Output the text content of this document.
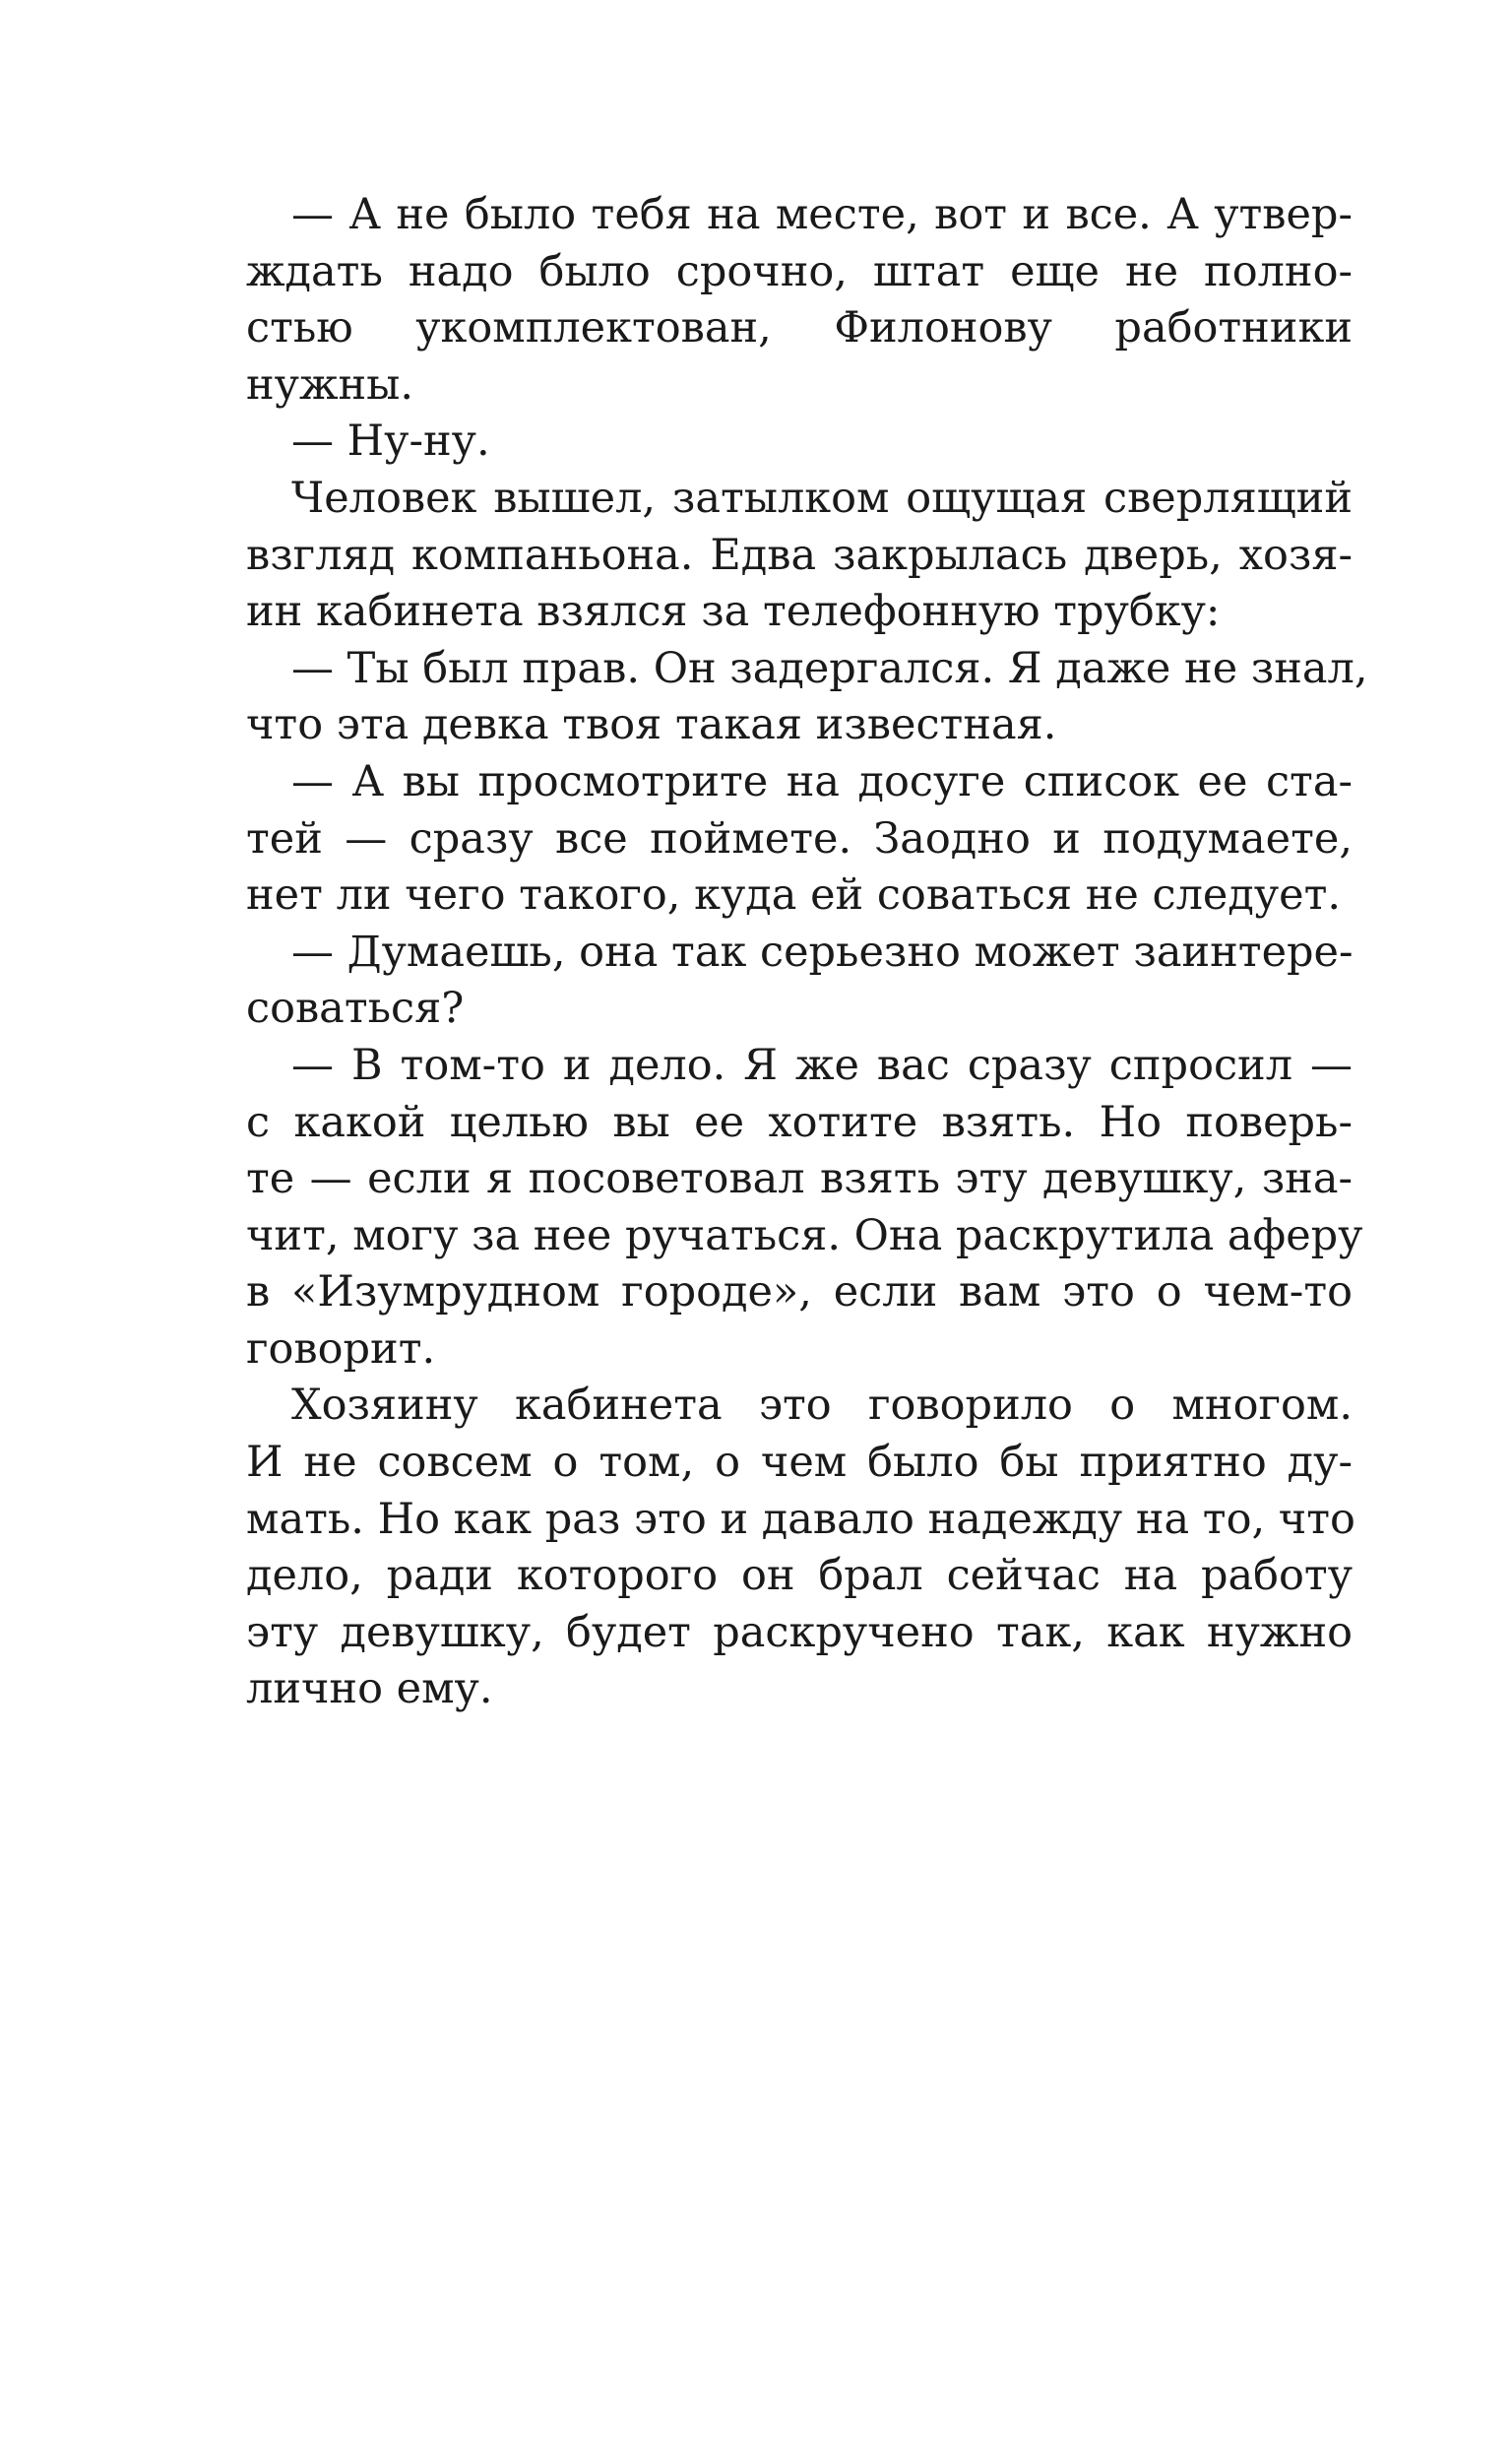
— А не было тебя на месте, вот и все. А утвер-
ждать надо было срочно, штат еще не полно-
стью укомплектован, Филонову работники
нужны.
— Ну-ну.
Человек вышел, затылком ощущая сверлящий
взгляд компаньона. Едва закрылась дверь, хозя-
ин кабинета взялся за телефонную трубку:
— Ты был прав. Он задергался. Я даже не знал,
что эта девка твоя такая известная.
— А вы просмотрите на досуге список ее ста-
тей — сразу все поймете. Заодно и подумаете,
нет ли чего такого, куда ей соваться не следует.
— Думаешь, она так серьезно может заинтере-
соваться?
— В том-то и дело. Я же вас сразу спросил —
с какой целью вы ее хотите взять. Но поверь-
те — если я посоветовал взять эту девушку, зна-
чит, могу за нее ручаться. Она раскрутила аферу
в «Изумрудном городе», если вам это о чем-то
говорит.
Хозяину кабинета это говорило о многом.
И не совсем о том, о чем было бы приятно ду-
мать. Но как раз это и давало надежду на то, что
дело, ради которого он брал сейчас на работу
эту девушку, будет раскручено так, как нужно
лично ему.
